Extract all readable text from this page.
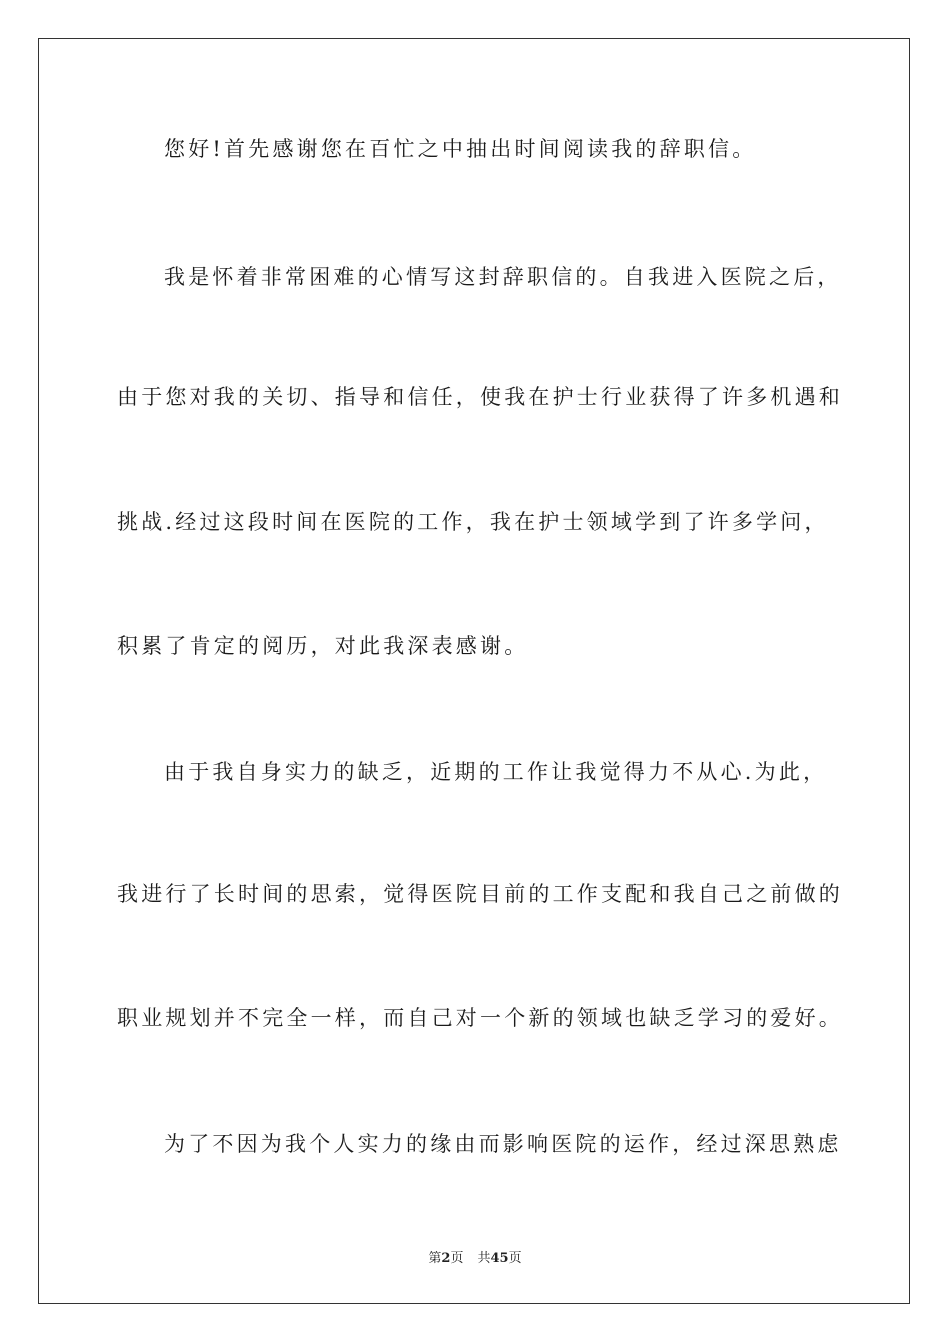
您好!首先感谢您在百忙之中抽出时间阅读我的辞职信。
我是怀着非常困难的心情写这封辞职信的。自我进入医院之后，
由于您对我的关切、指导和信任，使我在护士行业获得了许多机遇和
挑战.经过这段时间在医院的工作，我在护士领域学到了许多学问，
积累了肯定的阅历，对此我深表感谢。
由于我自身实力的缺乏，近期的工作让我觉得力不从心.为此，
我进行了长时间的思索，觉得医院目前的工作支配和我自己之前做的
职业规划并不完全一样，而自己对一个新的领域也缺乏学习的爱好。
为了不因为我个人实力的缘由而影响医院的运作，经过深思熟虑
第2页 共45页
